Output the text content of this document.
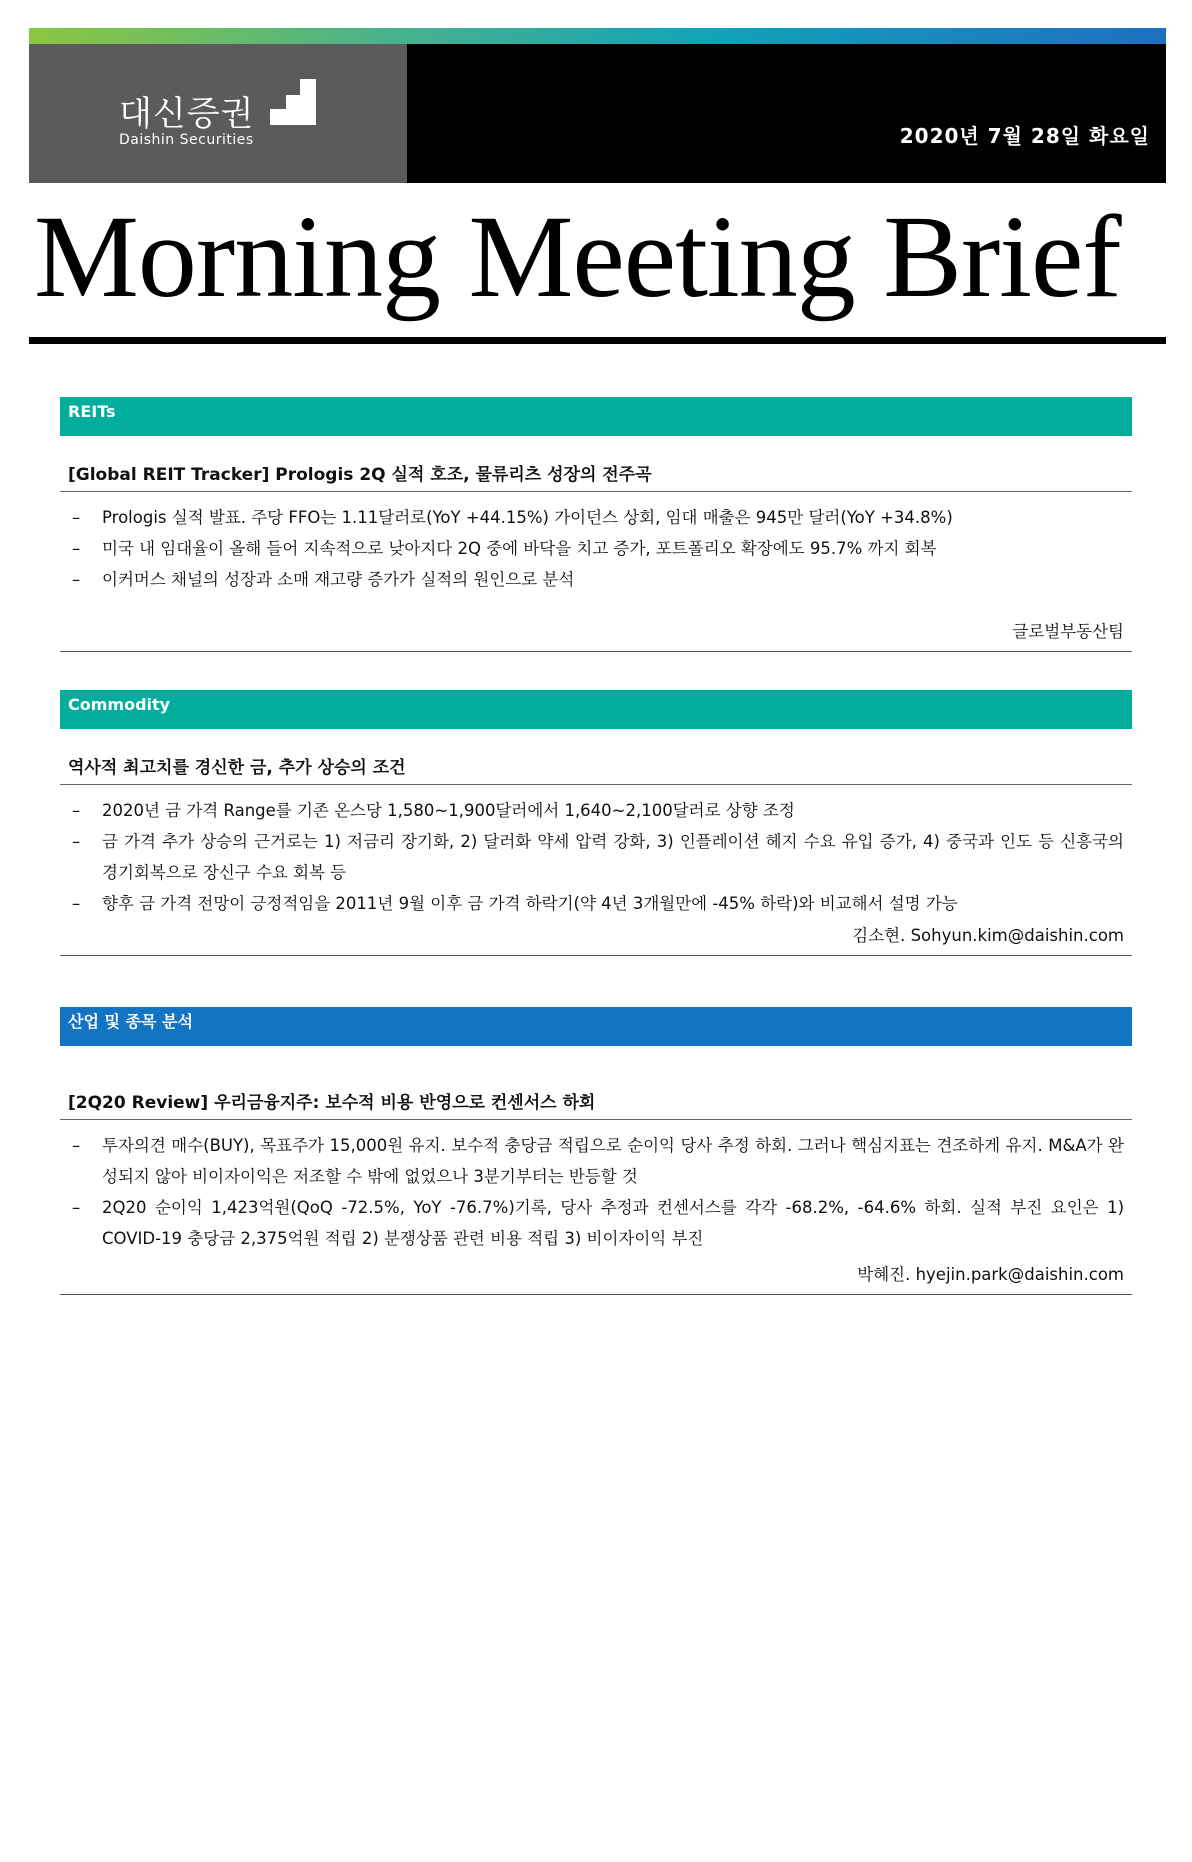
대신증권
Daishin Securities	2020년 7월 28일 화요일
Morning Meeting Brief
REITs
[Global REIT Tracker] Prologis 2Q 실적 호조, 물류리츠 성장의 전주곡
– Prologis 실적 발표. 주당 FFO는 1.11달러로(YoY +44.15%) 가이던스 상회, 임대 매출은 945만 달러(YoY +34.8%)
– 미국 내 임대율이 올해 들어 지속적으로 낮아지다 2Q 중에 바닥을 치고 증가, 포트폴리오 확장에도 95.7% 까지 회복
– 이커머스 채널의 성장과 소매 재고량 증가가 실적의 원인으로 분석
글로벌부동산팀
Commodity
역사적 최고치를 경신한 금, 추가 상승의 조건
– 2020년 금 가격 Range를 기존 온스당 1,580~1,900달러에서 1,640~2,100달러로 상향 조정
– 금 가격 추가 상승의 근거로는 1) 저금리 장기화, 2) 달러화 약세 압력 강화, 3) 인플레이션 헤지 수요 유입 증가, 4) 중국과 인도 등 신흥국의 경기회복으로 장신구 수요 회복 등
– 향후 금 가격 전망이 긍정적임을 2011년 9월 이후 금 가격 하락기(약 4년 3개월만에 -45% 하락)와 비교해서 설명 가능
김소현. Sohyun.kim@daishin.com
산업 및 종목 분석
[2Q20 Review] 우리금융지주: 보수적 비용 반영으로 컨센서스 하회
– 투자의견 매수(BUY), 목표주가 15,000원 유지. 보수적 충당금 적립으로 순이익 당사 추정 하회. 그러나 핵심지표는 견조하게 유지. M&A가 완성되지 않아 비이자이익은 저조할 수 밖에 없었으나 3분기부터는 반등할 것
– 2Q20 순이익 1,423억원(QoQ -72.5%, YoY -76.7%)기록, 당사 추정과 컨센서스를 각각 -68.2%, -64.6% 하회. 실적 부진 요인은 1) COVID-19 충당금 2,375억원 적립 2) 분쟁상품 관련 비용 적립 3) 비이자이익 부진
박혜진. hyejin.park@daishin.com
